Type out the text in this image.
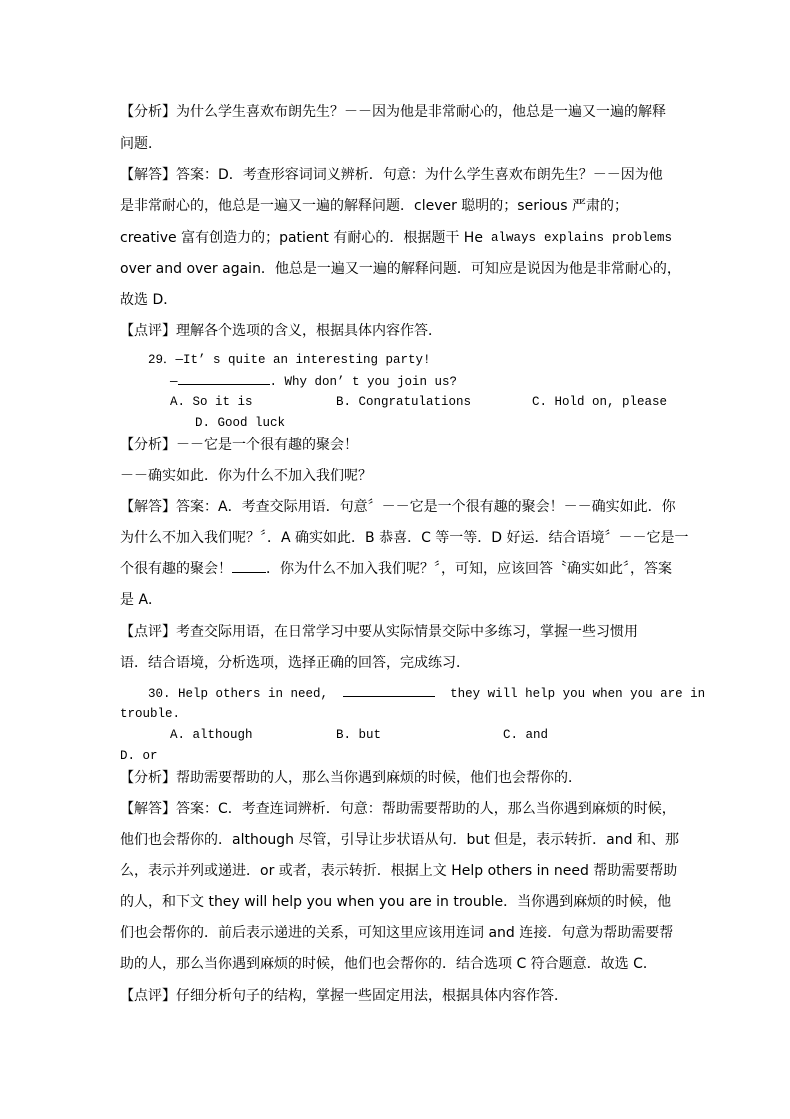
【分析】为什么学生喜欢布朗先生？－－因为他是非常耐心的，他总是一遍又一遍的解释
问题．
【解答】答案：D．考查形容词词义辨析．句意：为什么学生喜欢布朗先生？－－因为他
是非常耐心的，他总是一遍又一遍的解释问题．clever 聪明的；serious 严肃的；
creative 富有创造力的；patient 有耐心的．根据题干 He always explains problems
over and over again．他总是一遍又一遍的解释问题．可知应是说因为他是非常耐心的，
故选 D．
【点评】理解各个选项的含义，根据具体内容作答．
29．—It’ s quite an interesting party!
—	. Why don’ t you join us?
A. So it is	B. Congratulations	C. Hold on, please
D. Good luck
【分析】－－它是一个很有趣的聚会！
－－确实如此．你为什么不加入我们呢？
【解答】答案：A．考查交际用语．句意〞－－它是一个很有趣的聚会！－－确实如此．你
为什么不加入我们呢？〞．A 确实如此．B 恭喜．C 等一等．D 好运．结合语境〞－－它是一
个很有趣的聚会！ ．你为什么不加入我们呢？〞，可知，应该回答〝确实如此〞，答案
是 A．
【点评】考查交际用语，在日常学习中要从实际情景交际中多练习，掌握一些习惯用
语．结合语境，分析选项，选择正确的回答，完成练习．
30. Help others in need,	they will help you when you are in
trouble.
A. although	B. but	C. and
D. or
【分析】帮助需要帮助的人，那么当你遇到麻烦的时候，他们也会帮你的．
【解答】答案：C．考查连词辨析．句意：帮助需要帮助的人，那么当你遇到麻烦的时候，
他们也会帮你的．although 尽管，引导让步状语从句．but 但是，表示转折．and 和、那
么，表示并列或递进．or 或者，表示转折．根据上文 Help others in need 帮助需要帮助
的人，和下文 they will help you when you are in trouble．当你遇到麻烦的时候，他
们也会帮你的．前后表示递进的关系，可知这里应该用连词 and 连接．句意为帮助需要帮
助的人，那么当你遇到麻烦的时候，他们也会帮你的．结合选项 C 符合题意．故选 C．
【点评】仔细分析句子的结构，掌握一些固定用法，根据具体内容作答．
